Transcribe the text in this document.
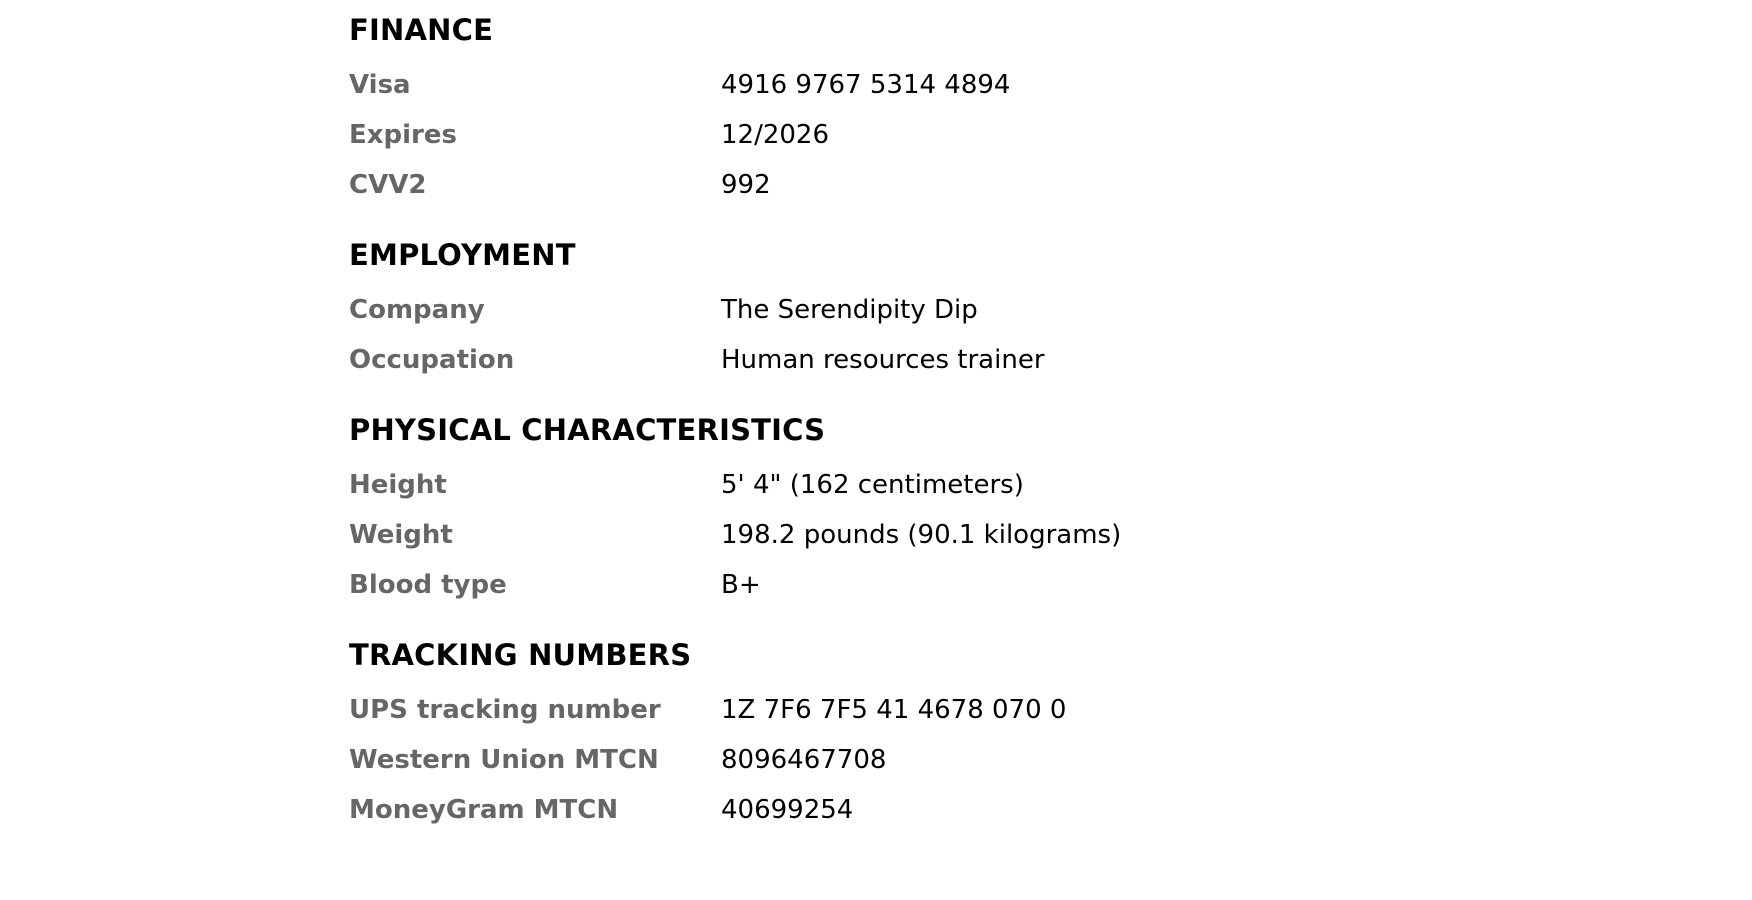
FINANCE
Visa	4916 9767 5314 4894
Expires	12/2026
CVV2	992
EMPLOYMENT
Company	The Serendipity Dip
Occupation	Human resources trainer
PHYSICAL CHARACTERISTICS
Height	5' 4" (162 centimeters)
Weight	198.2 pounds (90.1 kilograms)
Blood type	B+
TRACKING NUMBERS
UPS tracking number	1Z 7F6 7F5 41 4678 070 0
Western Union MTCN	8096467708
MoneyGram MTCN	40699254
